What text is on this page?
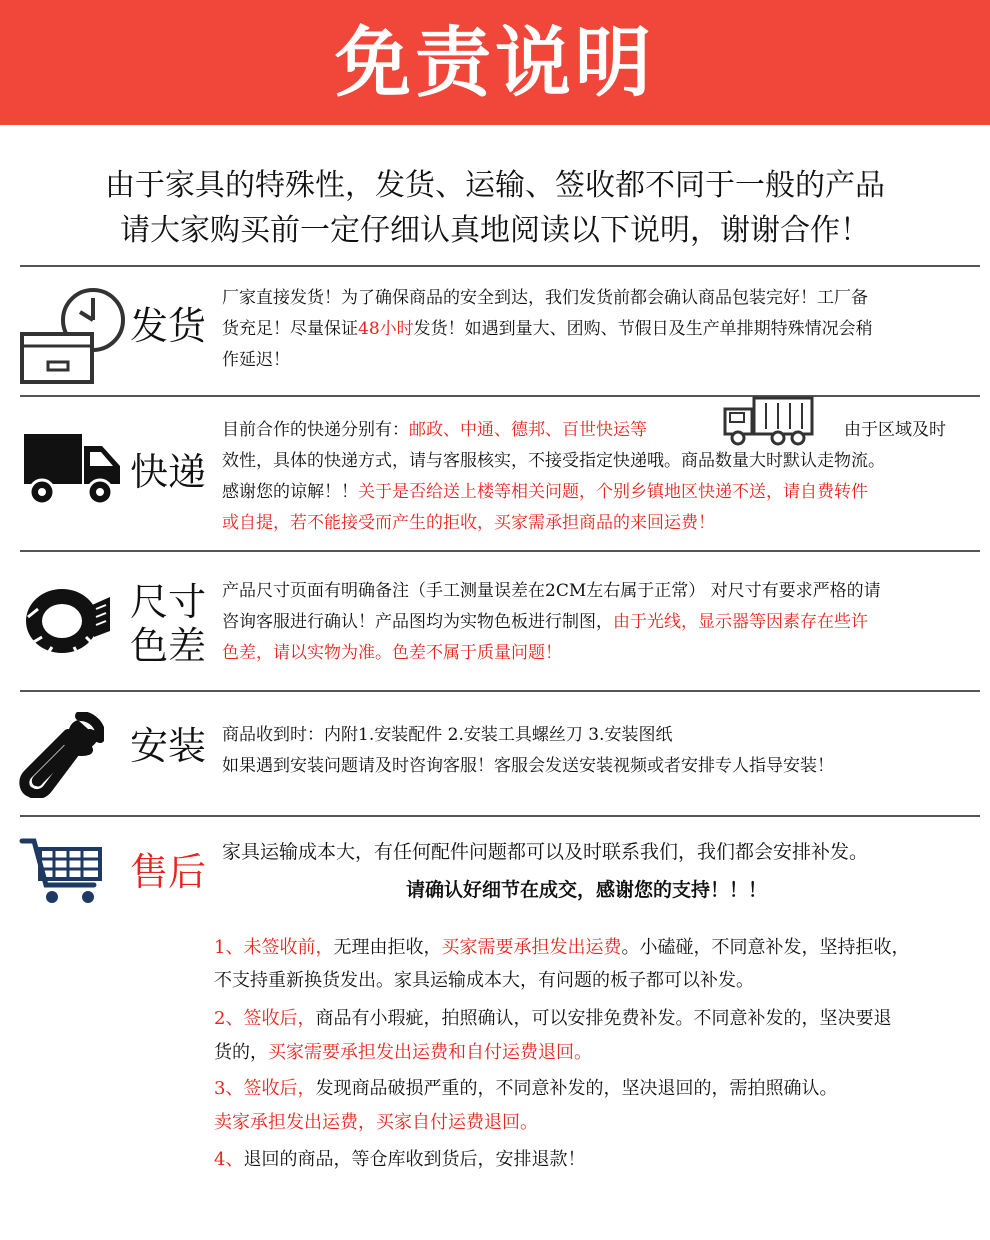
免责说明
由于家具的特殊性，发货、运输、签收都不同于一般的产品
请大家购买前一定仔细认真地阅读以下说明，谢谢合作！
发货
厂家直接发货！为了确保商品的安全到达，我们发货前都会确认商品包装完好！工厂备
货充足！尽量保证48小时发货！如遇到量大、团购、节假日及生产单排期特殊情况会稍
作延迟！
快递
目前合作的快递分别有：邮政、中通、德邦、百世快运等	由于区域及时
效性，具体的快递方式，请与客服核实，不接受指定快递哦。商品数量大时默认走物流。
感谢您的谅解！！关于是否给送上楼等相关问题，个别乡镇地区快递不送，请自费转件
或自提，若不能接受而产生的拒收，买家需承担商品的来回运费！
尺寸
色差
产品尺寸页面有明确备注（手工测量误差在2CM左右属于正常） 对尺寸有要求严格的请
咨询客服进行确认！产品图均为实物色板进行制图，由于光线，显示器等因素存在些许
色差，请以实物为准。色差不属于质量问题！
安装 商品收到时：内附1.安装配件 2.安装工具螺丝刀 3.安装图纸
如果遇到安装问题请及时咨询客服！客服会发送安装视频或者安排专人指导安装！
售后 家具运输成本大，有任何配件问题都可以及时联系我们，我们都会安排补发。
请确认好细节在成交，感谢您的支持！！！
1、未签收前，无理由拒收，买家需要承担发出运费。小磕碰，不同意补发，坚持拒收，
不支持重新换货发出。家具运输成本大，有问题的板子都可以补发。
2、签收后，商品有小瑕疵，拍照确认，可以安排免费补发。不同意补发的，坚决要退
货的，买家需要承担发出运费和自付运费退回。
3、签收后，发现商品破损严重的，不同意补发的，坚决退回的，需拍照确认。
卖家承担发出运费，买家自付运费退回。
4、退回的商品，等仓库收到货后，安排退款！
